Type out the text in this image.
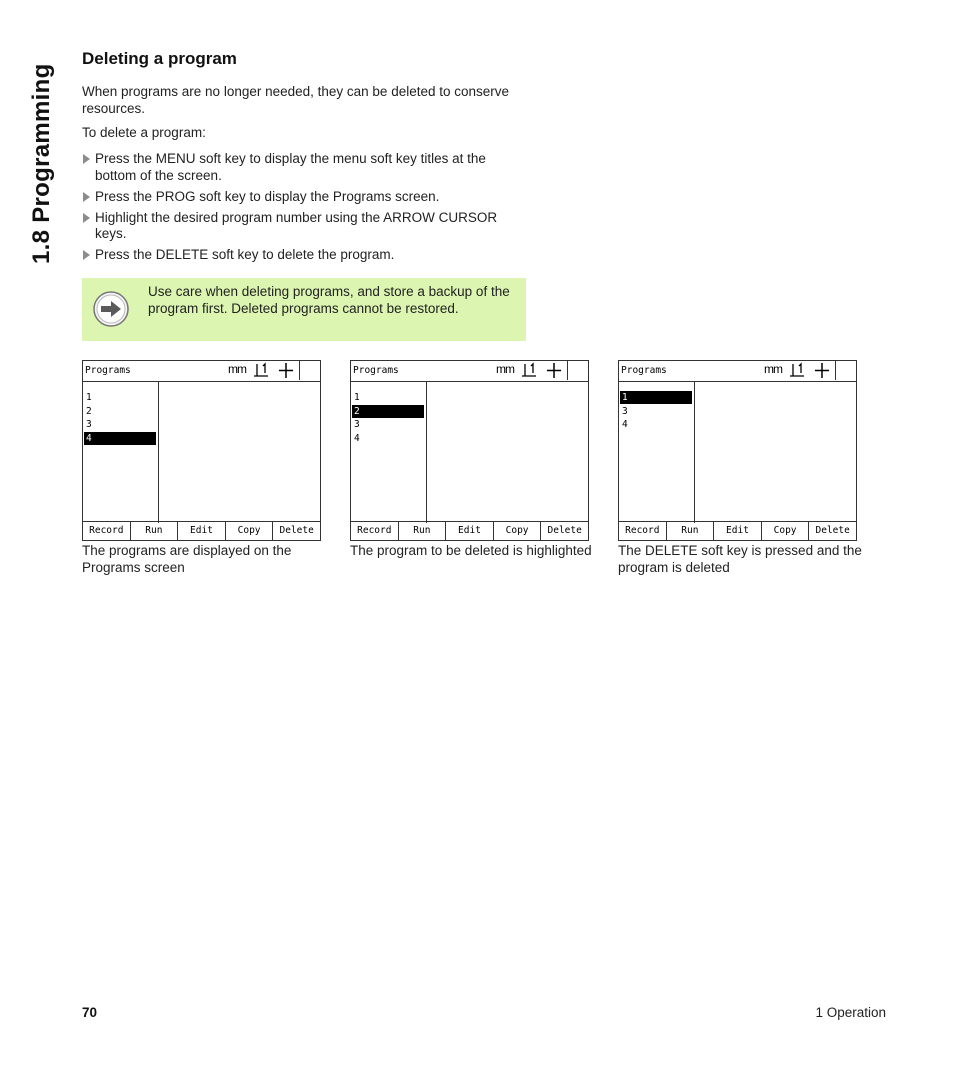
1.8 Programming
Deleting a program

When programs are no longer needed, they can be deleted to conserve resources.

To delete a program:

Press the MENU soft key to display the menu soft key titles at the bottom of the screen.
Press the PROG soft key to display the Programs screen.
Highlight the desired program number using the ARROW CURSOR keys.
Press the DELETE soft key to delete the program.
Use care when deleting programs, and store a backup of the program first. Deleted programs cannot be restored.
Programs	mm
1
2
3
4
Record	Run	Edit	Copy	Delete
Programs	mm
1
2
3
4
Record	Run	Edit	Copy	Delete
Programs	mm
1
3
4
Record	Run	Edit	Copy	Delete
The programs are displayed on the Programs screen
The program to be deleted is highlighted	The DELETE soft key is pressed and the program is deleted
70	1 Operation
